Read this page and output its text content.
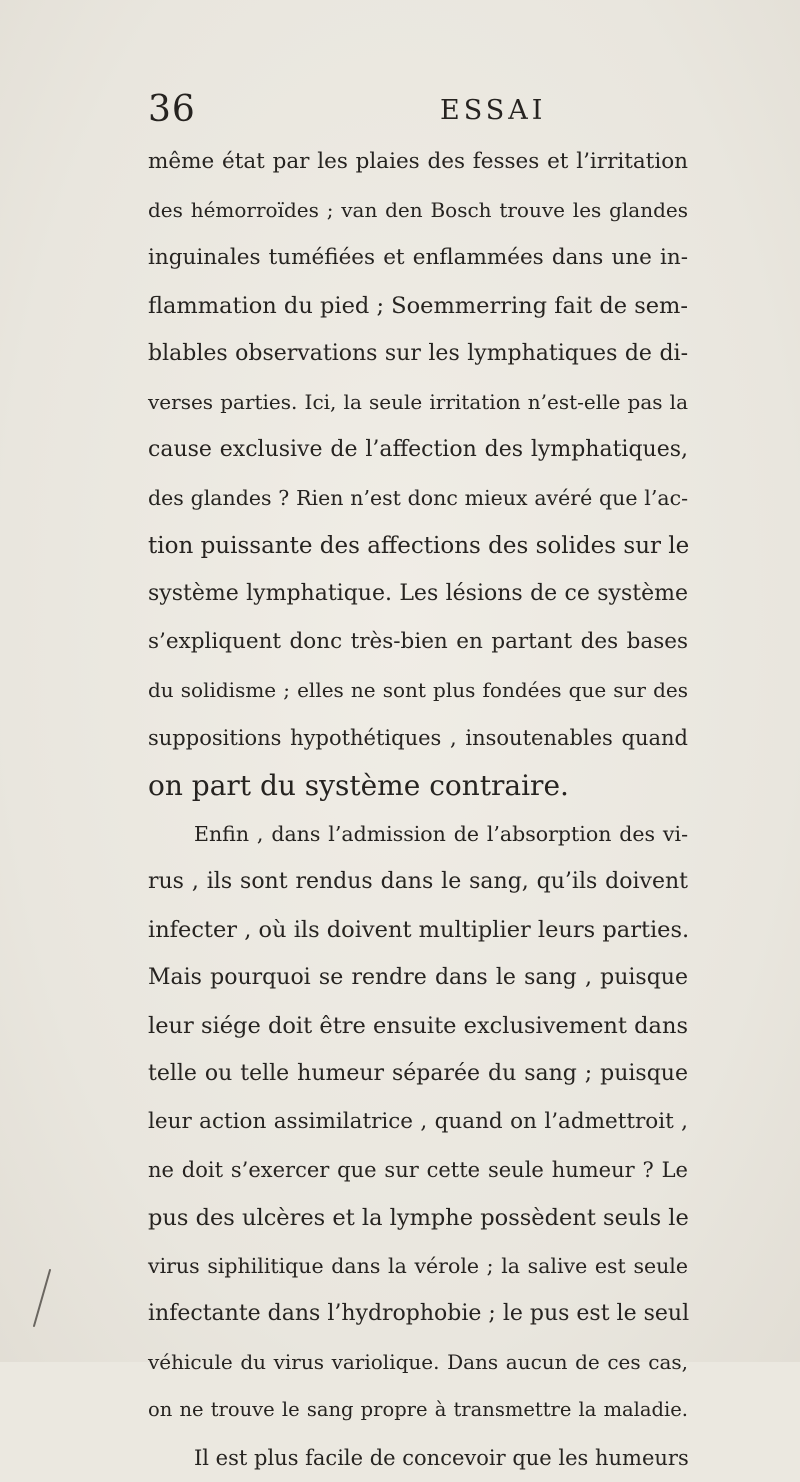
36	ESSAI
même état par les plaies des fesses et l’irritation
des hémorroïdes ; van den Bosch trouve les glandes
inguinales tuméfiées et enflammées dans une in-
flammation du pied ; Soemmerring fait de sem-
blables observations sur les lymphatiques de di-
verses parties. Ici, la seule irritation n’est-elle pas la
cause exclusive de l’affection des lymphatiques,
des glandes ? Rien n’est donc mieux avéré que l’ac-
tion puissante des affections des solides sur le
système lymphatique. Les lésions de ce système
s’expliquent donc très-bien en partant des bases
du solidisme ; elles ne sont plus fondées que sur des
suppositions hypothétiques , insoutenables quand
on part du système contraire.
Enfin , dans l’admission de l’absorption des vi-
rus , ils sont rendus dans le sang, qu’ils doivent
infecter , où ils doivent multiplier leurs parties.
Mais pourquoi se rendre dans le sang , puisque
leur siége doit être ensuite exclusivement dans
telle ou telle humeur séparée du sang ; puisque
leur action assimilatrice , quand on l’admettroit ,
ne doit s’exercer que sur cette seule humeur ? Le
pus des ulcères et la lymphe possèdent seuls le
virus siphilitique dans la vérole ; la salive est seule
infectante dans l’hydrophobie ; le pus est le seul
véhicule du virus variolique. Dans aucun de ces cas,
on ne trouve le sang propre à transmettre la maladie.
Il est plus facile de concevoir que les humeurs
